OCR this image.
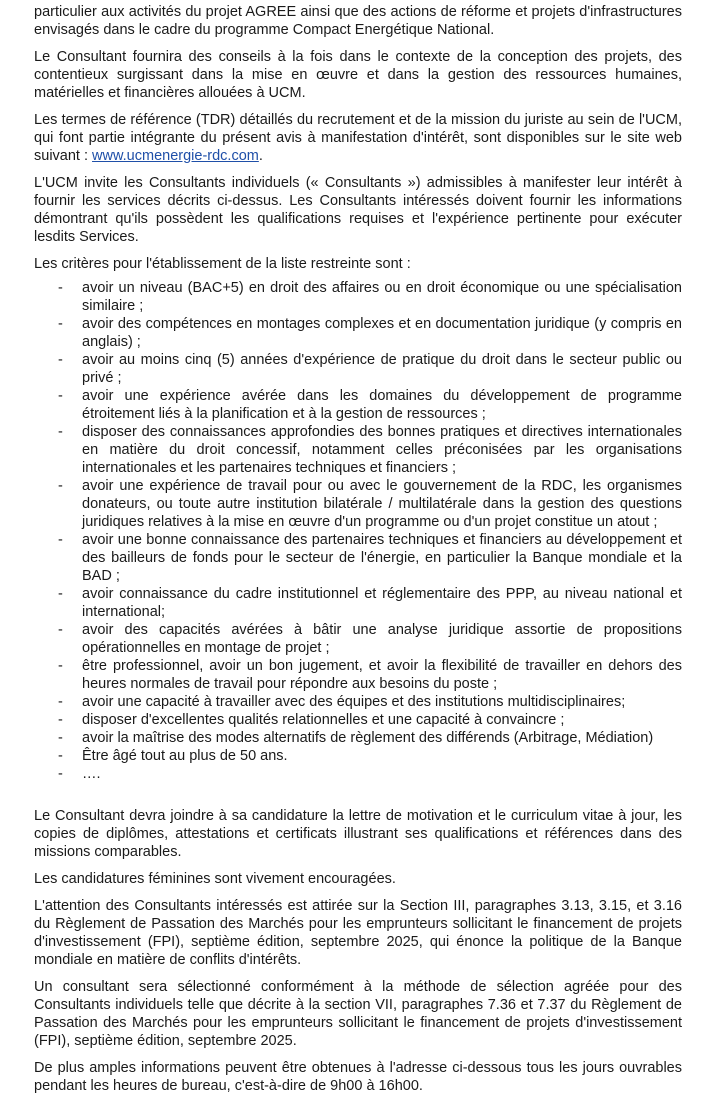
particulier aux activités du projet AGREE ainsi que des actions de réforme et projets d'infrastructures envisagés dans le cadre du programme Compact Energétique National.

Le Consultant fournira des conseils à la fois dans le contexte de la conception des projets, des contentieux surgissant dans la mise en œuvre et dans la gestion des ressources humaines, matérielles et financières allouées à UCM.

Les termes de référence (TDR) détaillés du recrutement et de la mission du juriste au sein de l'UCM, qui font partie intégrante du présent avis à manifestation d'intérêt, sont disponibles sur le site web suivant : www.ucmenergie-rdc.com.

L'UCM invite les Consultants individuels (« Consultants ») admissibles à manifester leur intérêt à fournir les services décrits ci-dessus. Les Consultants intéressés doivent fournir les informations démontrant qu'ils possèdent les qualifications requises et l'expérience pertinente pour exécuter lesdits Services.

Les critères pour l'établissement de la liste restreinte sont :

- avoir un niveau (BAC+5) en droit des affaires ou en droit économique ou une spécialisation similaire ;
- avoir des compétences en montages complexes et en documentation juridique (y compris en anglais) ;
- avoir au moins cinq (5) années d'expérience de pratique du droit dans le secteur public ou privé ;
- avoir une expérience avérée dans les domaines du développement de programme étroitement liés à la planification et à la gestion de ressources ;
- disposer des connaissances approfondies des bonnes pratiques et directives internationales en matière du droit concessif, notamment celles préconisées par les organisations internationales et les partenaires techniques et financiers ;
- avoir une expérience de travail pour ou avec le gouvernement de la RDC, les organismes donateurs, ou toute autre institution bilatérale / multilatérale dans la gestion des questions juridiques relatives à la mise en œuvre d'un programme ou d'un projet constitue un atout ;
- avoir une bonne connaissance des partenaires techniques et financiers au développement et des bailleurs de fonds pour le secteur de l'énergie, en particulier la Banque mondiale et la BAD ;
- avoir connaissance du cadre institutionnel et réglementaire des PPP, au niveau national et international;
- avoir des capacités avérées à bâtir une analyse juridique assortie de propositions opérationnelles en montage de projet ;
- être professionnel, avoir un bon jugement, et avoir la flexibilité de travailler en dehors des heures normales de travail pour répondre aux besoins du poste ;
- avoir une capacité à travailler avec des équipes et des institutions multidisciplinaires;
- disposer d'excellentes qualités relationnelles et une capacité à convaincre ;
- avoir la maîtrise des modes alternatifs de règlement des différends (Arbitrage, Médiation)
- Être âgé tout au plus de 50 ans.
- ….

Le Consultant devra joindre à sa candidature la lettre de motivation et le curriculum vitae à jour, les copies de diplômes, attestations et certificats illustrant ses qualifications et références dans des missions comparables.

Les candidatures féminines sont vivement encouragées.

L'attention des Consultants intéressés est attirée sur la Section III, paragraphes 3.13, 3.15, et 3.16 du Règlement de Passation des Marchés pour les emprunteurs sollicitant le financement de projets d'investissement (FPI), septième édition, septembre 2025, qui énonce la politique de la Banque mondiale en matière de conflits d'intérêts.

Un consultant sera sélectionné conformément à la méthode de sélection agréée pour des Consultants individuels telle que décrite à la section VII, paragraphes 7.36 et 7.37 du Règlement de Passation des Marchés pour les emprunteurs sollicitant le financement de projets d'investissement (FPI), septième édition, septembre 2025.

De plus amples informations peuvent être obtenues à l'adresse ci-dessous tous les jours ouvrables pendant les heures de bureau, c'est-à-dire de 9h00 à 16h00.
